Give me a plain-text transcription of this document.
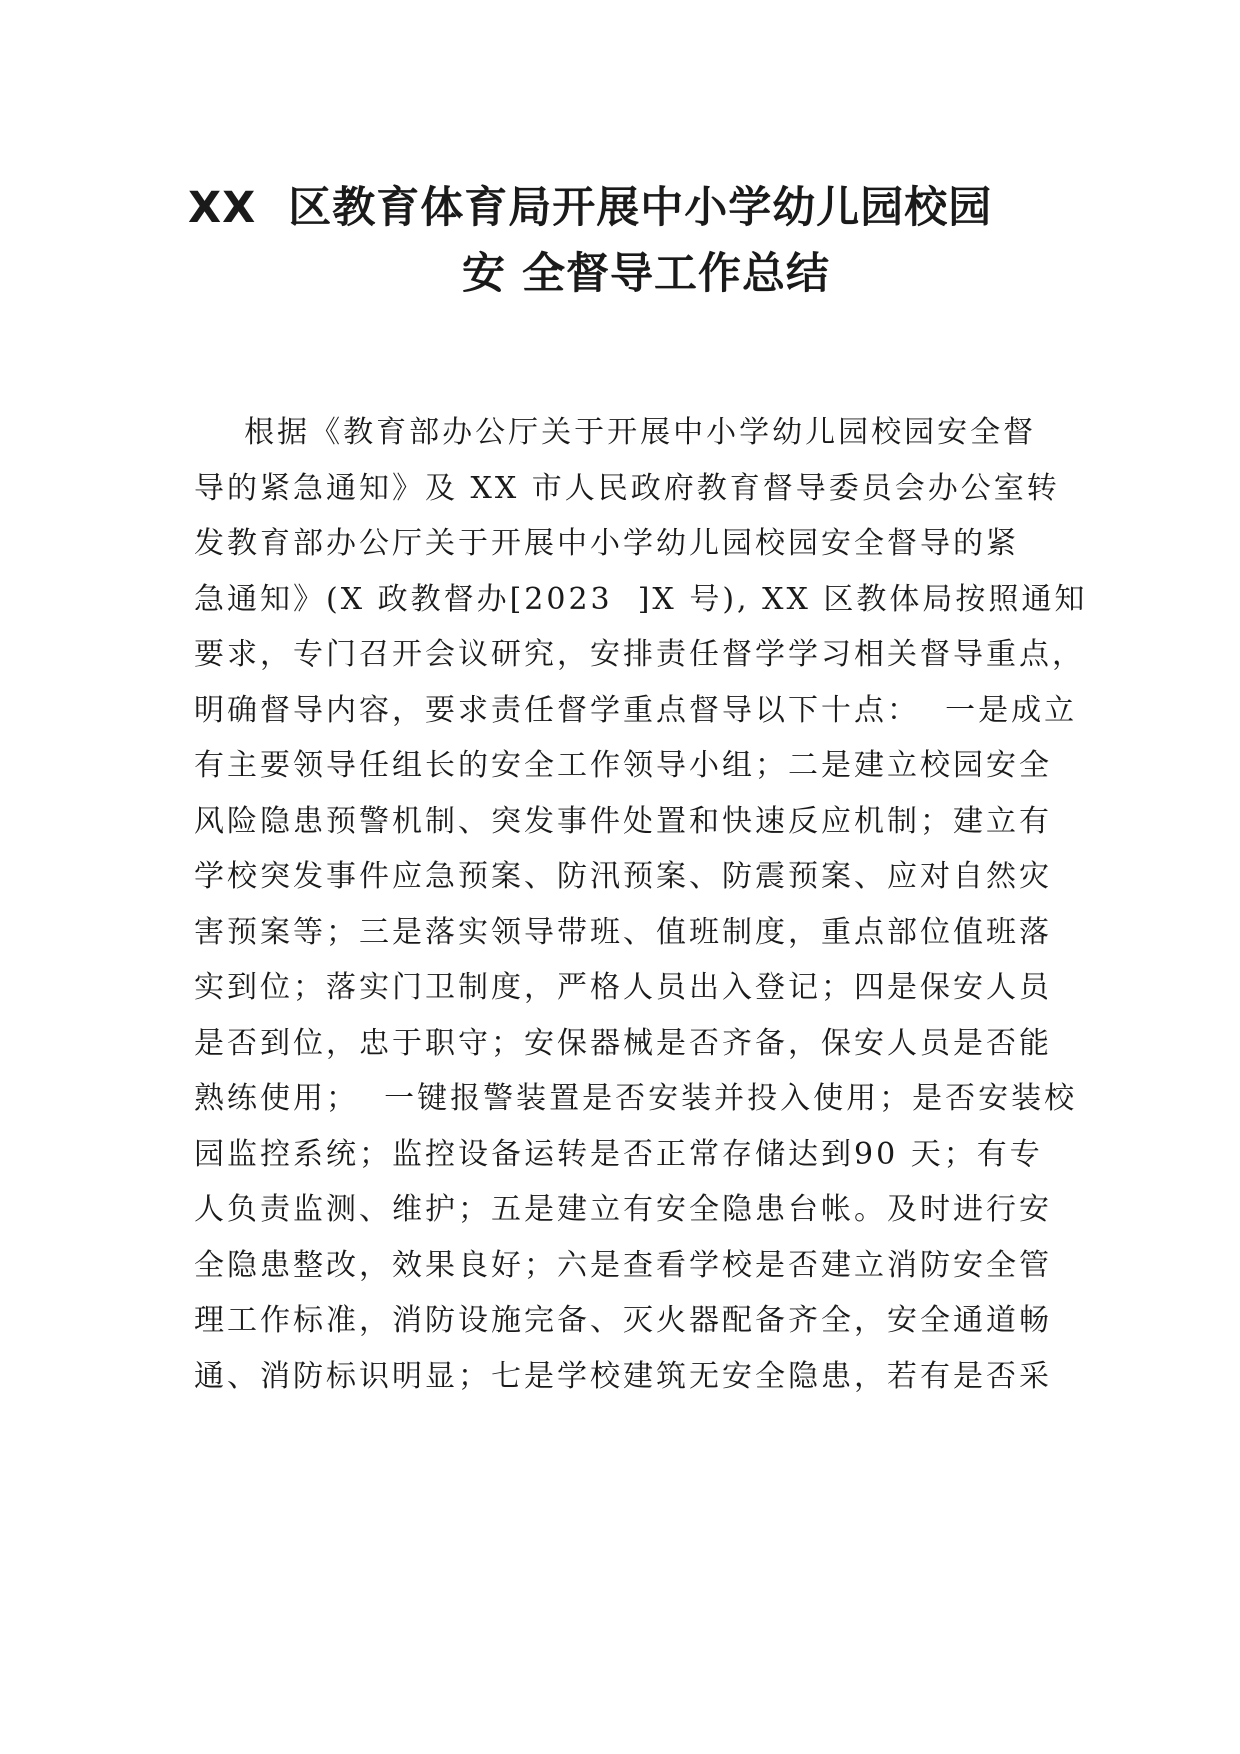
XX  区教育体育局开展中小学幼儿园校园
安 全督导工作总结
根据《教育部办公厅关于开展中小学幼儿园校园安全督
导的紧急通知》及 XX 市人民政府教育督导委员会办公室转
发教育部办公厅关于开展中小学幼儿园校园安全督导的紧
急通知》(X 政教督办[2023  ]X 号), XX 区教体局按照通知
要求，专门召开会议研究，安排责任督学学习相关督导重点，
明确督导内容，要求责任督学重点督导以下十点：  一是成立
有主要领导任组长的安全工作领导小组；二是建立校园安全
风险隐患预警机制、突发事件处置和快速反应机制；建立有
学校突发事件应急预案、防汛预案、防震预案、应对自然灾
害预案等；三是落实领导带班、值班制度，重点部位值班落
实到位；落实门卫制度，严格人员出入登记；四是保安人员
是否到位，忠于职守；安保器械是否齐备，保安人员是否能
熟练使用；  一键报警装置是否安装并投入使用；是否安装校
园监控系统；监控设备运转是否正常存储达到90 天；有专
人负责监测、维护；五是建立有安全隐患台帐。及时进行安
全隐患整改，效果良好；六是查看学校是否建立消防安全管
理工作标准，消防设施完备、灭火器配备齐全，安全通道畅
通、消防标识明显；七是学校建筑无安全隐患，若有是否采
